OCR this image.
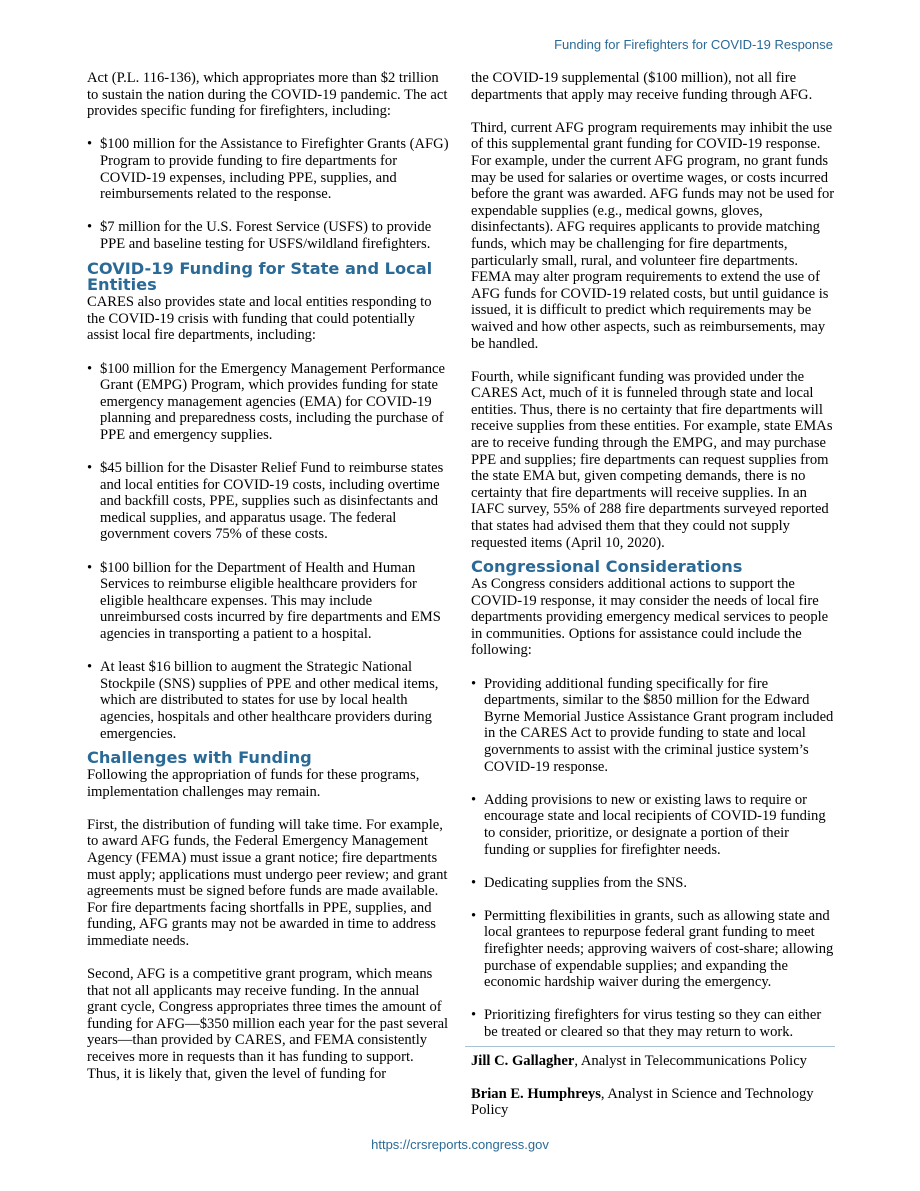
Funding for Firefighters for COVID-19 Response

Act (P.L. 116-136), which appropriates more than $2 trillion to sustain the nation during the COVID-19 pandemic. The act provides specific funding for firefighters, including:

• $100 million for the Assistance to Firefighter Grants (AFG) Program to provide funding to fire departments for COVID-19 expenses, including PPE, supplies, and reimbursements related to the response.
• $7 million for the U.S. Forest Service (USFS) to provide PPE and baseline testing for USFS/wildland firefighters.
COVID-19 Funding for State and Local Entities

CARES also provides state and local entities responding to the COVID-19 crisis with funding that could potentially assist local fire departments, including:

• $100 million for the Emergency Management Performance Grant (EMPG) Program, which provides funding for state emergency management agencies (EMA) for COVID-19 planning and preparedness costs, including the purchase of PPE and emergency supplies.
• $45 billion for the Disaster Relief Fund to reimburse states and local entities for COVID-19 costs, including overtime and backfill costs, PPE, supplies such as disinfectants and medical supplies, and apparatus usage. The federal government covers 75% of these costs.
• $100 billion for the Department of Health and Human Services to reimburse eligible healthcare providers for eligible healthcare expenses. This may include unreimbursed costs incurred by fire departments and EMS agencies in transporting a patient to a hospital.
• At least $16 billion to augment the Strategic National Stockpile (SNS) supplies of PPE and other medical items, which are distributed to states for use by local health agencies, hospitals and other healthcare providers during emergencies.
Challenges with Funding

Following the appropriation of funds for these programs, implementation challenges may remain.

First, the distribution of funding will take time. For example, to award AFG funds, the Federal Emergency Management Agency (FEMA) must issue a grant notice; fire departments must apply; applications must undergo peer review; and grant agreements must be signed before funds are made available. For fire departments facing shortfalls in PPE, supplies, and funding, AFG grants may not be awarded in time to address immediate needs.

Second, AFG is a competitive grant program, which means that not all applicants may receive funding. In the annual grant cycle, Congress appropriates three times the amount of funding for AFG—$350 million each year for the past several years—than provided by CARES, and FEMA consistently receives more in requests than it has funding to support. Thus, it is likely that, given the level of funding for

the COVID-19 supplemental ($100 million), not all fire departments that apply may receive funding through AFG.

Third, current AFG program requirements may inhibit the use of this supplemental grant funding for COVID-19 response. For example, under the current AFG program, no grant funds may be used for salaries or overtime wages, or costs incurred before the grant was awarded. AFG funds may not be used for expendable supplies (e.g., medical gowns, gloves, disinfectants). AFG requires applicants to provide matching funds, which may be challenging for fire departments, particularly small, rural, and volunteer fire departments. FEMA may alter program requirements to extend the use of AFG funds for COVID-19 related costs, but until guidance is issued, it is difficult to predict which requirements may be waived and how other aspects, such as reimbursements, may be handled.

Fourth, while significant funding was provided under the CARES Act, much of it is funneled through state and local entities. Thus, there is no certainty that fire departments will receive supplies from these entities. For example, state EMAs are to receive funding through the EMPG, and may purchase PPE and supplies; fire departments can request supplies from the state EMA but, given competing demands, there is no certainty that fire departments will receive supplies. In an IAFC survey, 55% of 288 fire departments surveyed reported that states had advised them that they could not supply requested items (April 10, 2020).

Congressional Considerations

As Congress considers additional actions to support the COVID-19 response, it may consider the needs of local fire departments providing emergency medical services to people in communities. Options for assistance could include the following:

• Providing additional funding specifically for fire departments, similar to the $850 million for the Edward Byrne Memorial Justice Assistance Grant program included in the CARES Act to provide funding to state and local governments to assist with the criminal justice system’s COVID-19 response.
• Adding provisions to new or existing laws to require or encourage state and local recipients of COVID-19 funding to consider, prioritize, or designate a portion of their funding or supplies for firefighter needs.
• Dedicating supplies from the SNS.
• Permitting flexibilities in grants, such as allowing state and local grantees to repurpose federal grant funding to meet firefighter needs; approving waivers of cost-share; allowing purchase of expendable supplies; and expanding the economic hardship waiver during the emergency.
• Prioritizing firefighters for virus testing so they can either be treated or cleared so that they may return to work.

Jill C. Gallagher, Analyst in Telecommunications Policy

Brian E. Humphreys, Analyst in Science and Technology Policy

https://crsreports.congress.gov
